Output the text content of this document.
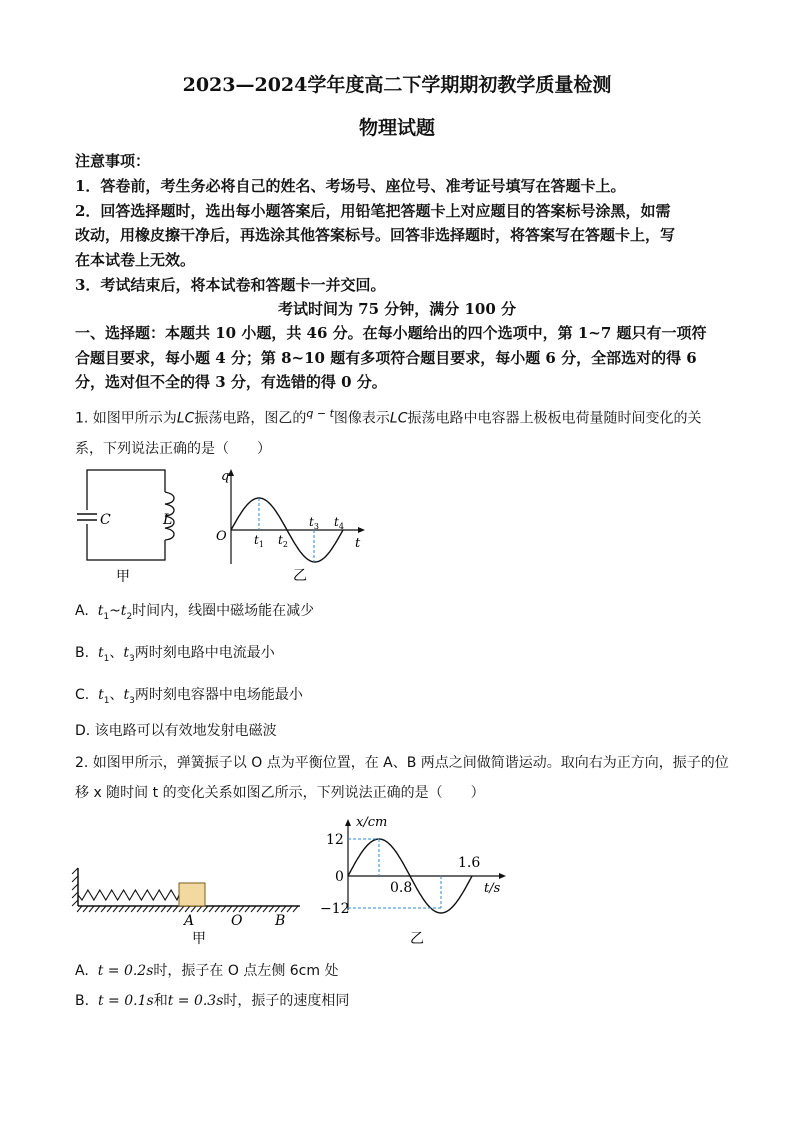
2023—2024学年度高二下学期期初教学质量检测
物理试题
注意事项：
1．答卷前，考生务必将自己的姓名、考场号、座位号、准考证号填写在答题卡上。
2．回答选择题时，选出每小题答案后，用铅笔把答题卡上对应题目的答案标号涂黑，如需
改动，用橡皮擦干净后，再选涂其他答案标号。回答非选择题时，将答案写在答题卡上，写
在本试卷上无效。
3．考试结束后，将本试卷和答题卡一并交回。
考试时间为 75 分钟，满分 100 分
一、选择题：本题共 10 小题，共 46 分。在每小题给出的四个选项中，第 1~7 题只有一项符
合题目要求，每小题 4 分；第 8~10 题有多项符合题目要求，每小题 6 分，全部选对的得 6
分，选对但不全的得 3 分，有选错的得 0 分。
1. 如图甲所示为LC振荡电路，图乙的$^{q - t}$图像表示LC振荡电路中电容器上极板电荷量随时间变化的关
系，下列说法正确的是（　　）
C	L
甲
q
O	t
$t_1$ $t_2$
$t_3$ $t_4$
乙
A. $t_1\sim t_2$时间内，线圈中磁场能在减少
B. $t_1$、$t_3$两时刻电路中电流最小
C. $t_1$、$t_3$两时刻电容器中电场能最小
D. 该电路可以有效地发射电磁波
2. 如图甲所示，弹簧振子以 O 点为平衡位置，在 A、B 两点之间做简谐运动。取向右为正方向，振子的位
移 x 随时间 t 的变化关系如图乙所示，下列说法正确的是（　　）
A	O B
甲
x/cm
12
0
−12
0.8
1.6
t/s
乙
A. t = 0.2s时，振子在 O 点左侧 6cm 处
B. t = 0.1s和t = 0.3s时，振子的速度相同
